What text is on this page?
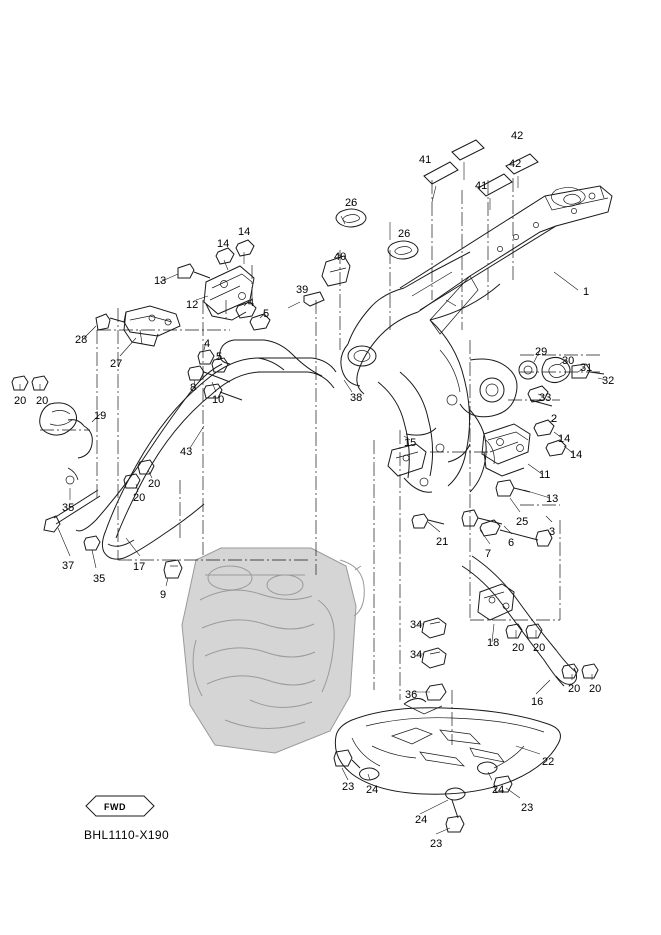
FWD
BHL1110-X190
42
41	42
41
1
26
26
40
14
14
13
12	4
39
5
28
27
4
5
8
10	38
29
30
31
32
33
2
14
14
11
13
15
20 20
19
43
20
20
35
37
35
17
9
21
25
7
6
3
34
34
18 20 20
16
20 20
36
22
23 24	24
23
24
23
